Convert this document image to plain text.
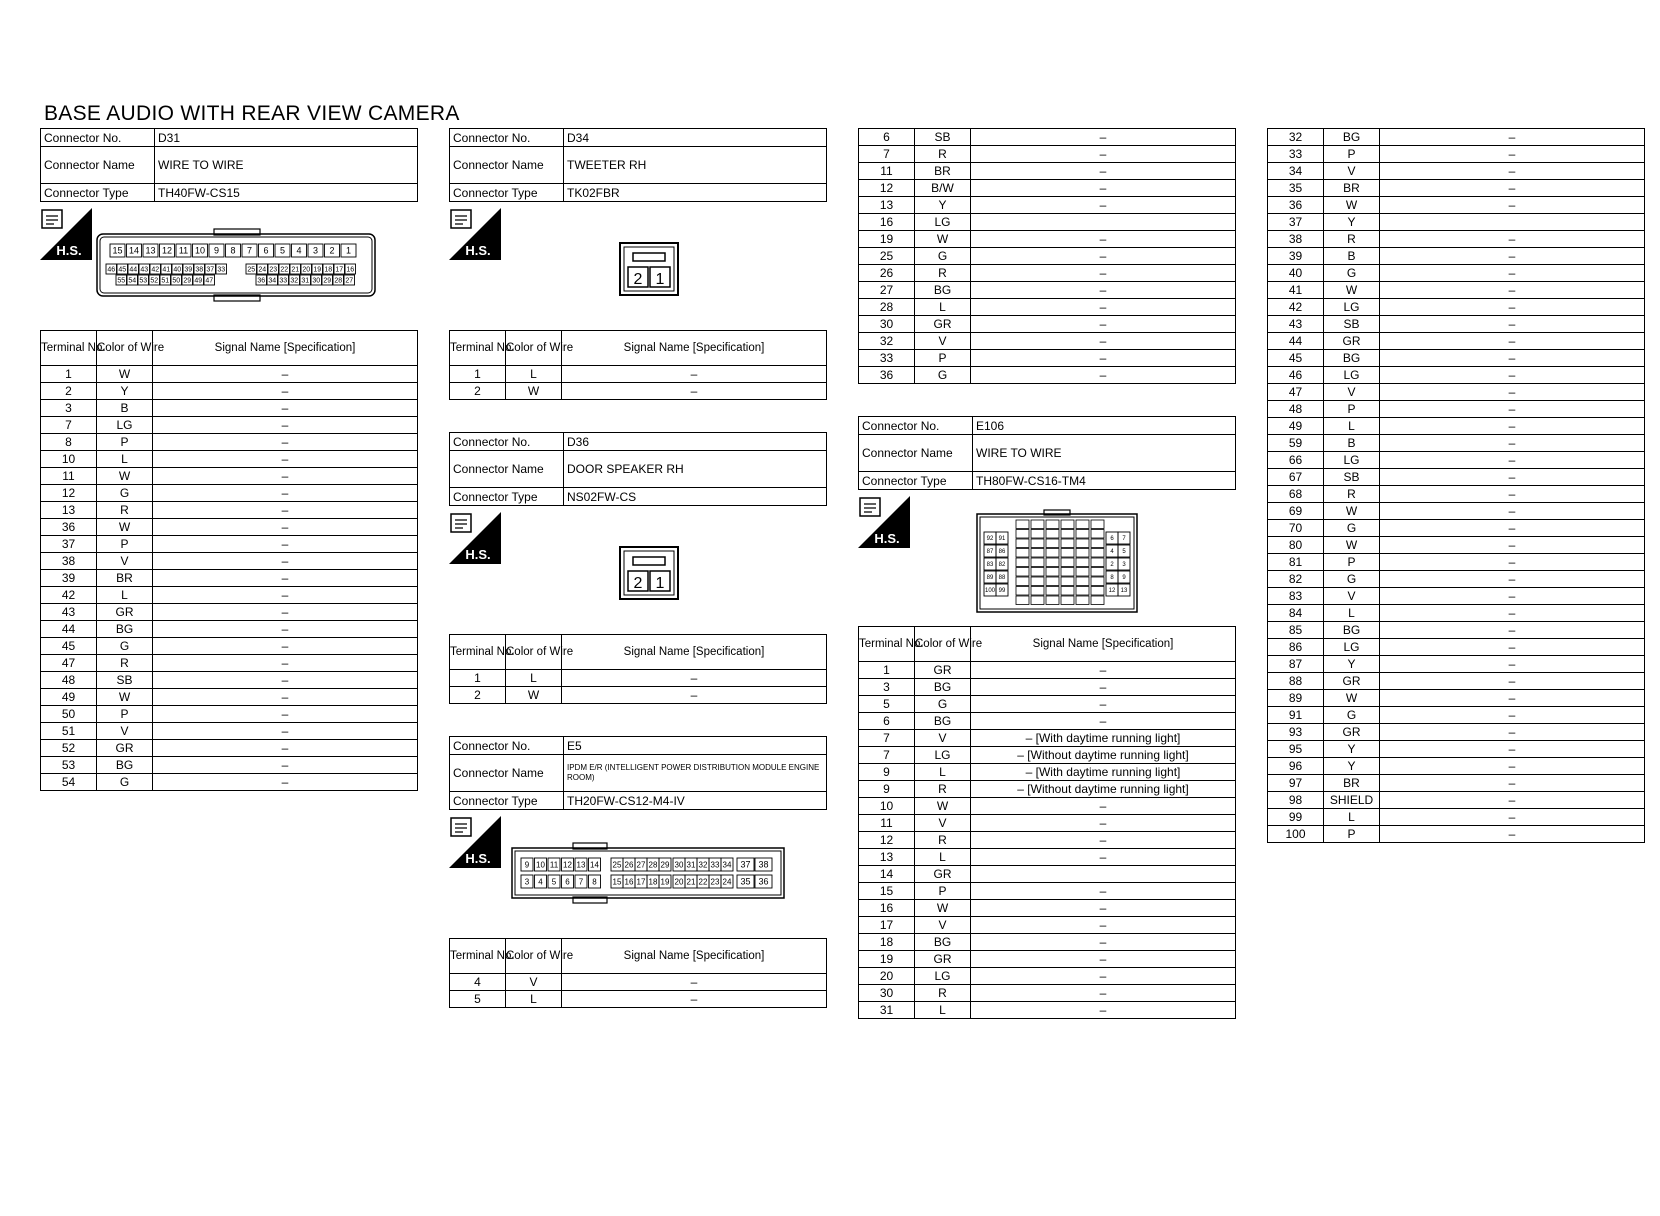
BASE AUDIO WITH REAR VIEW CAMERA
Connector No.	D31
Connector Name	WIRE TO WIRE
Connector Type	TH40FW-CS15
H.S.	15 14 13 12 11 10 9 8 7 6 5 4 3 2 1
46 45 44 43 42 41 40 39 38 37 33	25 24 23 22 21 20 19 18 17 16
55 54 53 52 51 50 29 49 47	36 34 33 32 31 30 29 28 27
Terminal No.	Color of Wire	Signal Name [Specification]
1	W	–
2	Y	–
3	B	–
7	LG	–
8	P	–
10	L	–
11	W	–
12	G	–
13	R	–
36	W	–
37	P	–
38	V	–
39	BR	–
42	L	–
43	GR	–
44	BG	–
45	G	–
47	R	–
48	SB	–
49	W	–
50	P	–
51	V	–
52	GR	–
53	BG	–
54	G	–
Connector No.	D34
Connector Name	TWEETER RH
Connector Type	TK02FBR
H.S.
2 1
Terminal No.	Color of Wire	Signal Name [Specification]
1	L	–
2	W	–
Connector No.	D36
Connector Name	DOOR SPEAKER RH
Connector Type	NS02FW-CS
H.S.
2 1
Terminal No.	Color of Wire	Signal Name [Specification]
1	L	–
2	W	–
Connector No.	E5
Connector Name	IPDM E/R (INTELLIGENT POWER DISTRIBUTION MODULE ENGINE ROOM)
Connector Type	TH20FW-CS12-M4-IV
H.S.	9 10 11 12 13 14 25 26 27 28 29 30 31 32 33 34 37 38
3 4 5 6 7 8 15 16 17 18 19 20 21 22 23 24 35 36
Terminal No.	Color of Wire	Signal Name [Specification]
4	V	–
5	L	–
6	SB	–
7	R	–
11	BR	–
12	B/W	–
13	Y	–
16	LG	
19	W	–
25	G	–
26	R	–
27	BG	–
28	L	–
30	GR	–
32	V	–
33	P	–
36	G	–
Connector No.	E106
Connector Name	WIRE TO WIRE
Connector Type	TH80FW-CS16-TM4
H.S.	92 91
87 86
83 82
89 88
100 99
6 7
4 5
2 3
8 9
12 13
Terminal No.	Color of Wire	Signal Name [Specification]
1	GR	–
3	BG	–
5	G	–
6	BG	–
7	V	– [With daytime running light]
7	LG	– [Without daytime running light]
9	L	– [With daytime running light]
9	R	– [Without daytime running light]
10	W	–
11	V	–
12	R	–
13	L	–
14	GR	
15	P	–
16	W	–
17	V	–
18	BG	–
19	GR	–
20	LG	–
30	R	–
31	L	–
32	BG	–
33	P	–
34	V	–
35	BR	–
36	W	–
37	Y	
38	R	–
39	B	–
40	G	–
41	W	–
42	LG	–
43	SB	–
44	GR	–
45	BG	–
46	LG	–
47	V	–
48	P	–
49	L	–
59	B	–
66	LG	–
67	SB	–
68	R	–
69	W	–
70	G	–
80	W	–
81	P	–
82	G	–
83	V	–
84	L	–
85	BG	–
86	LG	–
87	Y	–
88	GR	–
89	W	–
91	G	–
93	GR	–
95	Y	–
96	Y	–
97	BR	–
98	SHIELD	–
99	L	–
100	P	–
